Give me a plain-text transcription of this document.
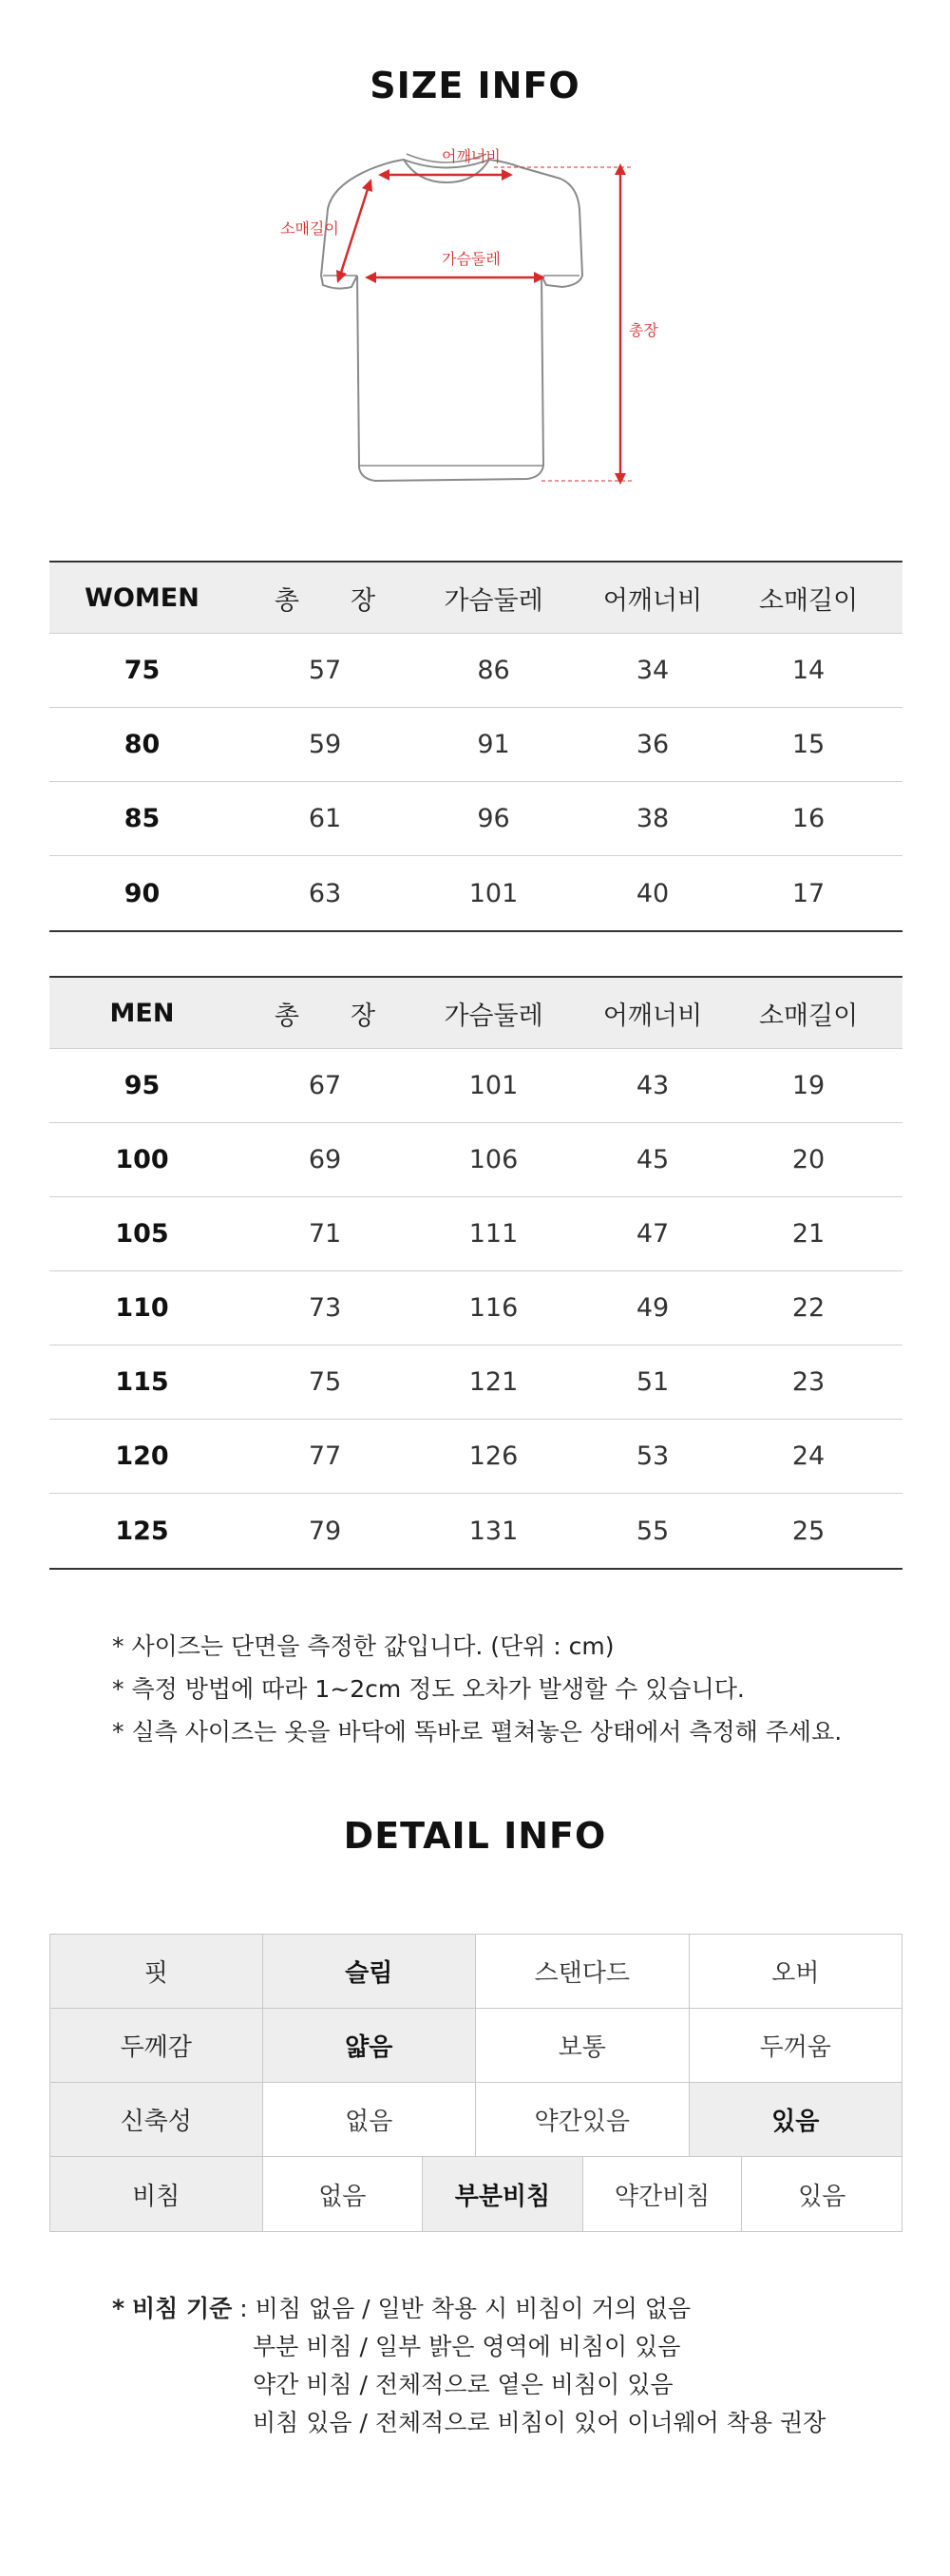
SIZE INFO
어깨너비
소매길이
가슴둘레
총장
WOMEN	총　　장	가슴둘레	어깨너비	소매길이
75	57	86	34	14
80	59	91	36	15
85	61	96	38	16
90	63	101	40	17
MEN	총　　장	가슴둘레	어깨너비	소매길이
95	67	101	43	19
100	69	106	45	20
105	71	111	47	21
110	73	116	49	22
115	75	121	51	23
120	77	126	53	24
125	79	131	55	25
* 사이즈는 단면을 측정한 값입니다. (단위 : cm)
* 측정 방법에 따라 1~2cm 정도 오차가 발생할 수 있습니다.
* 실측 사이즈는 옷을 바닥에 똑바로 펼쳐놓은 상태에서 측정해 주세요.
DETAIL INFO
핏	슬림	스탠다드	오버
두께감	얇음	보통	두꺼움
신축성	없음	약간있음	있음
비침	없음	부분비침	약간비침	있음
* 비침 기준 : 비침 없음 / 일반 착용 시 비침이 거의 없음
부분 비침 / 일부 밝은 영역에 비침이 있음
약간 비침 / 전체적으로 옅은 비침이 있음
비침 있음 / 전체적으로 비침이 있어 이너웨어 착용 권장
